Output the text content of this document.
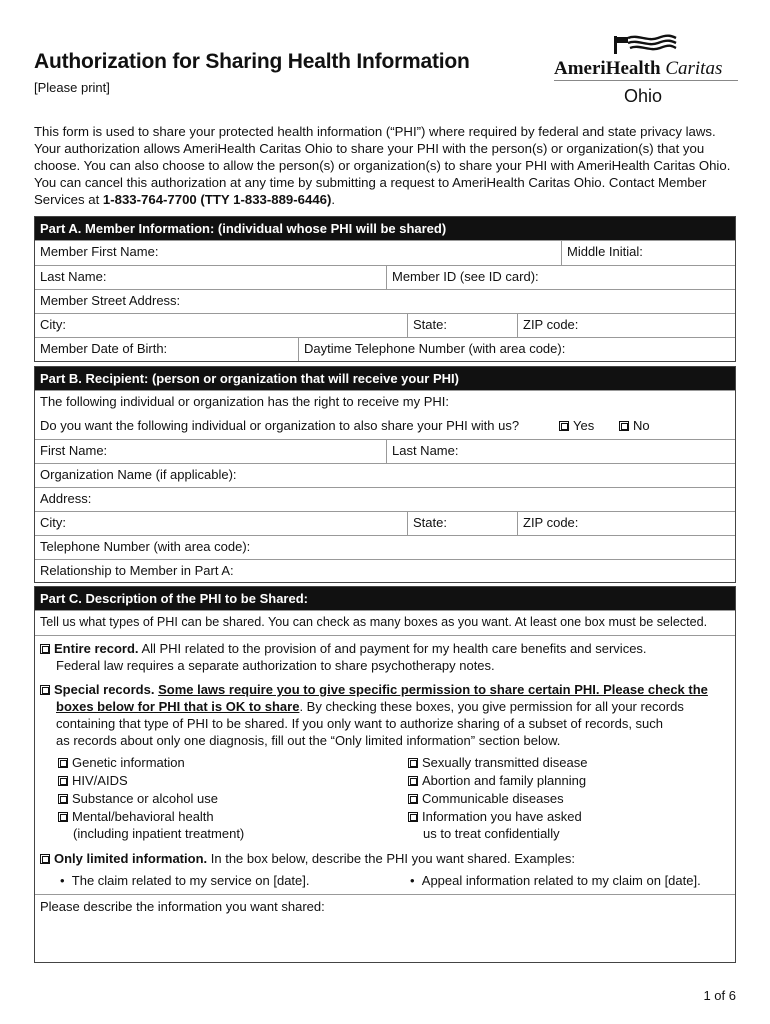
Authorization for Sharing Health Information
[Please print]
AmeriHealth Caritas
Ohio
This form is used to share your protected health information (“PHI”) where required by federal and state privacy laws. Your authorization allows AmeriHealth Caritas Ohio to share your PHI with the person(s) or organization(s) that you choose. You can also choose to allow the person(s) or organization(s) to share your PHI with AmeriHealth Caritas Ohio. You can cancel this authorization at any time by submitting a request to AmeriHealth Caritas Ohio. Contact Member Services at 1-833-764-7700 (TTY 1-833-889-6446).
Part A. Member Information: (individual whose PHI will be shared)
Member First Name:	Middle Initial:
Last Name:	Member ID (see ID card):
Member Street Address:
City:	State:	ZIP code:
Member Date of Birth:	Daytime Telephone Number (with area code):
Part B. Recipient: (person or organization that will receive your PHI)
The following individual or organization has the right to receive my PHI:
Do you want the following individual or organization to also share your PHI with us?	Yes	No
First Name:	Last Name:
Organization Name (if applicable):
Address:
City:	State:	ZIP code:
Telephone Number (with area code):
Relationship to Member in Part A:
Part C. Description of the PHI to be Shared:
Tell us what types of PHI can be shared. You can check as many boxes as you want. At least one box must be selected.
Entire record. All PHI related to the provision of and payment for my health care benefits and services.
Federal law requires a separate authorization to share psychotherapy notes.
Special records. Some laws require you to give specific permission to share certain PHI. Please check the
boxes below for PHI that is OK to share. By checking these boxes, you give permission for all your records
containing that type of PHI to be shared. If you only want to authorize sharing of a subset of records, such
as records about only one diagnosis, fill out the “Only limited information” section below.
Genetic information
HIV/AIDS
Substance or alcohol use
Mental/behavioral health
(including inpatient treatment)
Sexually transmitted disease
Abortion and family planning
Communicable diseases
Information you have asked
us to treat confidentially
Only limited information. In the box below, describe the PHI you want shared. Examples:
•  The claim related to my service on [date].	•  Appeal information related to my claim on [date].
Please describe the information you want shared:
1 of 6
